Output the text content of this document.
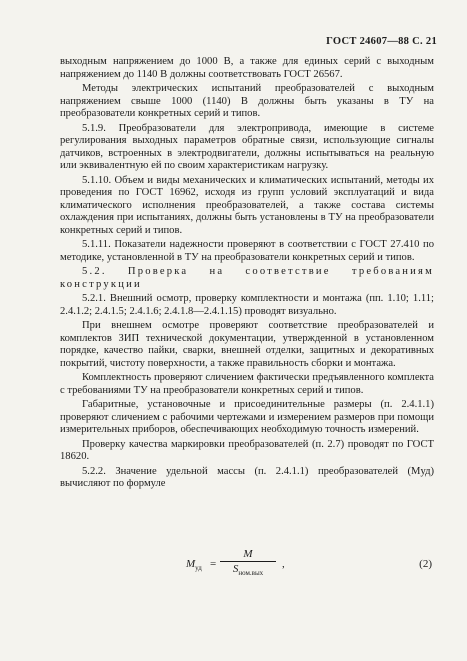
ГОСТ 24607—88 С. 21

выходным напряжением до 1000 В, а также для единых серий с выходным напряжением до 1140 В должны соответствовать ГОСТ 26567.

Методы электрических испытаний преобразователей с выходным напряжением свыше 1000 (1140) В должны быть указаны в ТУ на преобразователи конкретных серий и типов.

5.1.9. Преобразователи для электропривода, имеющие в системе регулирования выходных параметров обратные связи, использующие сигналы датчиков, встроенных в электродвигатели, должны испытываться на реальную или эквивалентную ей по своим характеристикам нагрузку.

5.1.10. Объем и виды механических и климатических испытаний, методы их проведения по ГОСТ 16962, исходя из групп условий эксплуатаций и вида климатического исполнения преобразователей, а также состава системы охлаждения при испытаниях, должны быть установлены в ТУ на преобразователи конкретных серий и типов.

5.1.11. Показатели надежности проверяют в соответствии с ГОСТ 27.410 по методике, установленной в ТУ на преобразователи конкретных серий и типов.

5.2. Проверка на соответствие требованиям конструкции

5.2.1. Внешний осмотр, проверку комплектности и монтажа (пп. 1.10; 1.11; 2.4.1.2; 2.4.1.5; 2.4.1.6; 2.4.1.8—2.4.1.15) проводят визуально.

При внешнем осмотре проверяют соответствие преобразователей и комплектов ЗИП технической документации, утвержденной в установленном порядке, качество пайки, сварки, внешней отделки, защитных и декоративных покрытий, чистоту поверхности, а также правильность сборки и монтажа.

Комплектность проверяют сличением фактически предъявленного комплекта с требованиями ТУ на преобразователи конкретных серий и типов.

Габаритные, установочные и присоединительные размеры (п. 2.4.1.1) проверяют сличением с рабочими чертежами и измерением размеров при помощи измерительных приборов, обеспечивающих необходимую точность измерений.

Проверку качества маркировки преобразователей (п. 2.7) проводят по ГОСТ 18620.

5.2.2. Значение удельной массы (п. 2.4.1.1) преобразователей (Mуд) вычисляют по формуле

$M_{уд}$ =
M
$S_{ном.вых}$
,	(2)
